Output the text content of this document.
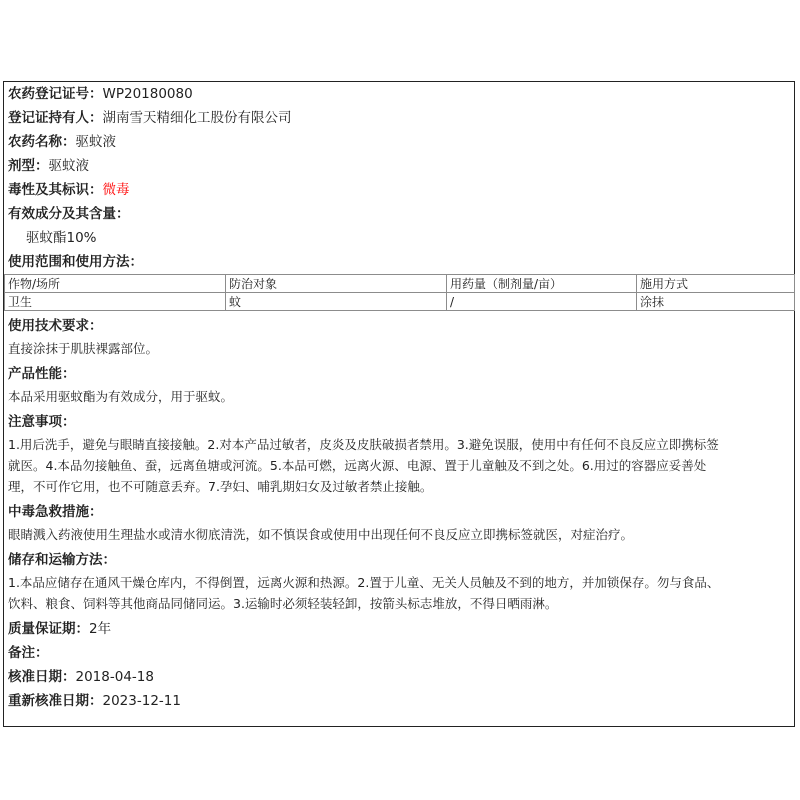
农药登记证号：WP20180080
登记证持有人：湖南雪天精细化工股份有限公司
农药名称：驱蚊液
剂型：驱蚊液
毒性及其标识：微毒
有效成分及其含量：
驱蚊酯10%
使用范围和使用方法：
作物/场所	防治对象	用药量（制剂量/亩）	施用方式
卫生	蚊	/	涂抹
使用技术要求：
直接涂抹于肌肤裸露部位。
产品性能：
本品采用驱蚊酯为有效成分，用于驱蚊。
注意事项：
1.用后洗手，避免与眼睛直接接触。2.对本产品过敏者，皮炎及皮肤破损者禁用。3.避免误服，使用中有任何不良反应立即携标签
就医。4.本品勿接触鱼、蚕，远离鱼塘或河流。5.本品可燃，远离火源、电源、置于儿童触及不到之处。6.用过的容器应妥善处
理，不可作它用，也不可随意丢弃。7.孕妇、哺乳期妇女及过敏者禁止接触。
中毒急救措施：
眼睛溅入药液使用生理盐水或清水彻底清洗，如不慎误食或使用中出现任何不良反应立即携标签就医，对症治疗。
储存和运输方法：
1.本品应储存在通风干燥仓库内，不得倒置，远离火源和热源。2.置于儿童、无关人员触及不到的地方，并加锁保存。勿与食品、
饮料、粮食、饲料等其他商品同储同运。3.运输时必须轻装轻卸，按箭头标志堆放，不得日晒雨淋。
质量保证期：2年
备注：
核准日期：2018-04-18
重新核准日期：2023-12-11
